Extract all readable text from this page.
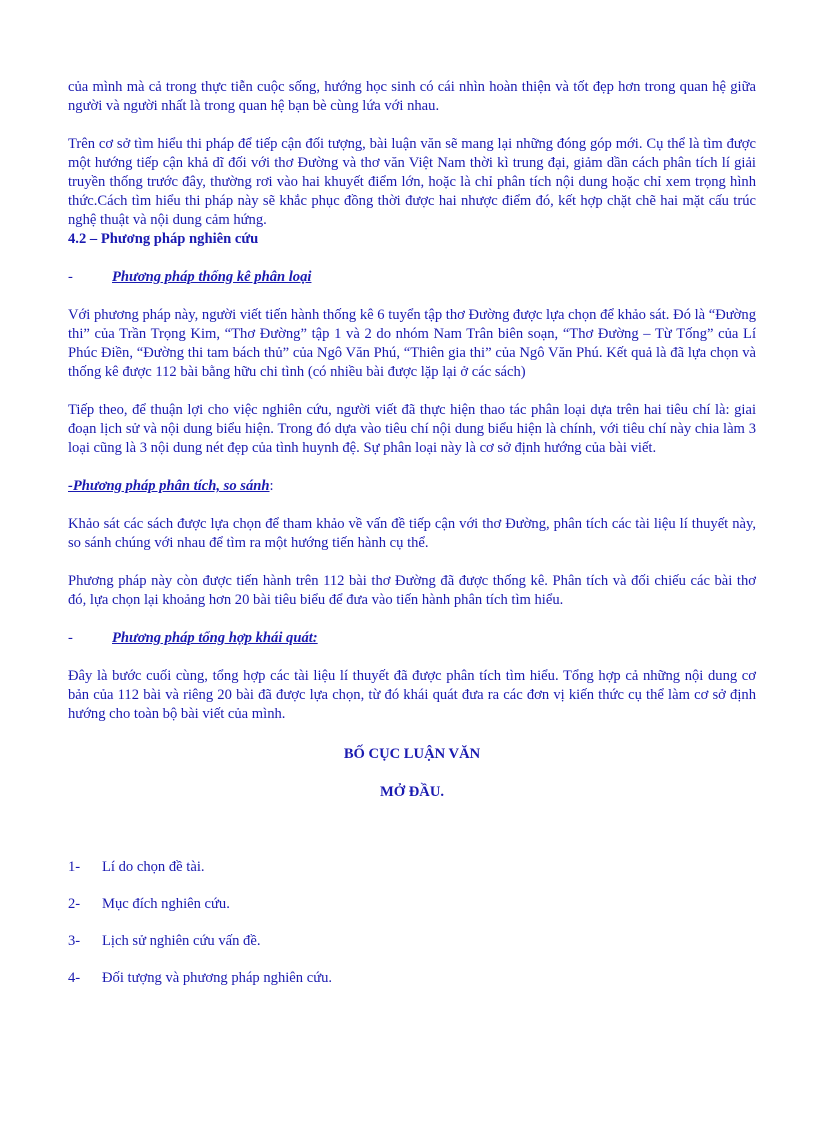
của mình mà cả trong thực tiễn cuộc sống, hướng học sinh có cái nhìn hoàn thiện và tốt đẹp hơn trong quan hệ giữa người và người nhất là trong quan hệ bạn bè cùng lứa với nhau.

Trên cơ sở tìm hiểu thi pháp để tiếp cận đối tượng, bài luận văn sẽ mang lại những đóng góp mới. Cụ thể là tìm được một hướng tiếp cận khả dĩ đối với thơ Đường và thơ văn Việt Nam thời kì trung đại, giảm dần cách phân tích lí giải truyền thống trước đây, thường rơi vào hai khuyết điểm lớn, hoặc là chỉ phân tích nội dung hoặc chỉ xem trọng hình thức.Cách tìm hiểu thi pháp này sẽ khắc phục đồng thời được hai nhược điểm đó, kết hợp chặt chẽ hai mặt cấu trúc nghệ thuật và nội dung cảm hứng.

4.2 – Phương pháp nghiên cứu

-	Phương pháp thống kê phân loại

Với phương pháp này, người viết tiến hành thống kê 6 tuyển tập thơ Đường được lựa chọn để khảo sát. Đó là “Đường thi” của Trần Trọng Kim, “Thơ Đường” tập 1 và 2 do nhóm Nam Trân biên soạn, “Thơ Đường – Từ Tống” của Lí Phúc Điền, “Đường thi tam bách thủ” của Ngô Văn Phú, “Thiên gia thi” của Ngô Văn Phú. Kết quả là đã lựa chọn và thống kê được 112 bài bằng hữu chi tình (có nhiều bài được lặp lại ở các sách)

Tiếp theo, để thuận lợi cho việc nghiên cứu, người viết đã thực hiện thao tác phân loại dựa trên hai tiêu chí là: giai đoạn lịch sử và nội dung biểu hiện. Trong đó dựa vào tiêu chí nội dung biểu hiện là chính, với tiêu chí này chia làm 3 loại cũng là 3 nội dung nét đẹp của tình huynh đệ. Sự phân loại này là cơ sở định hướng của bài viết.

-Phương pháp phân tích, so sánh:

Khảo sát các sách được lựa chọn để tham khảo về vấn đề tiếp cận với thơ Đường, phân tích các tài liệu lí thuyết này, so sánh chúng với nhau để tìm ra một hướng tiến hành cụ thể.

Phương pháp này còn được tiến hành trên 112 bài thơ Đường đã được thống kê. Phân tích và đối chiếu các bài thơ đó, lựa chọn lại khoảng hơn 20 bài tiêu biểu để đưa vào tiến hành phân tích tìm hiểu.

-	Phương pháp tổng hợp khái quát:

Đây là bước cuối cùng, tổng hợp các tài liệu lí thuyết đã được phân tích tìm hiểu. Tổng hợp cả những nội dung cơ bản của 112 bài và riêng 20 bài đã được lựa chọn, từ đó khái quát đưa ra các đơn vị kiến thức cụ thể làm cơ sở định hướng cho toàn bộ bài viết của mình.

BỐ CỤC LUẬN VĂN

MỞ ĐẦU.

1- Lí do chọn đề tài.

2- Mục đích nghiên cứu.

3- Lịch sử nghiên cứu vấn đề.

4- Đối tượng và phương pháp nghiên cứu.
